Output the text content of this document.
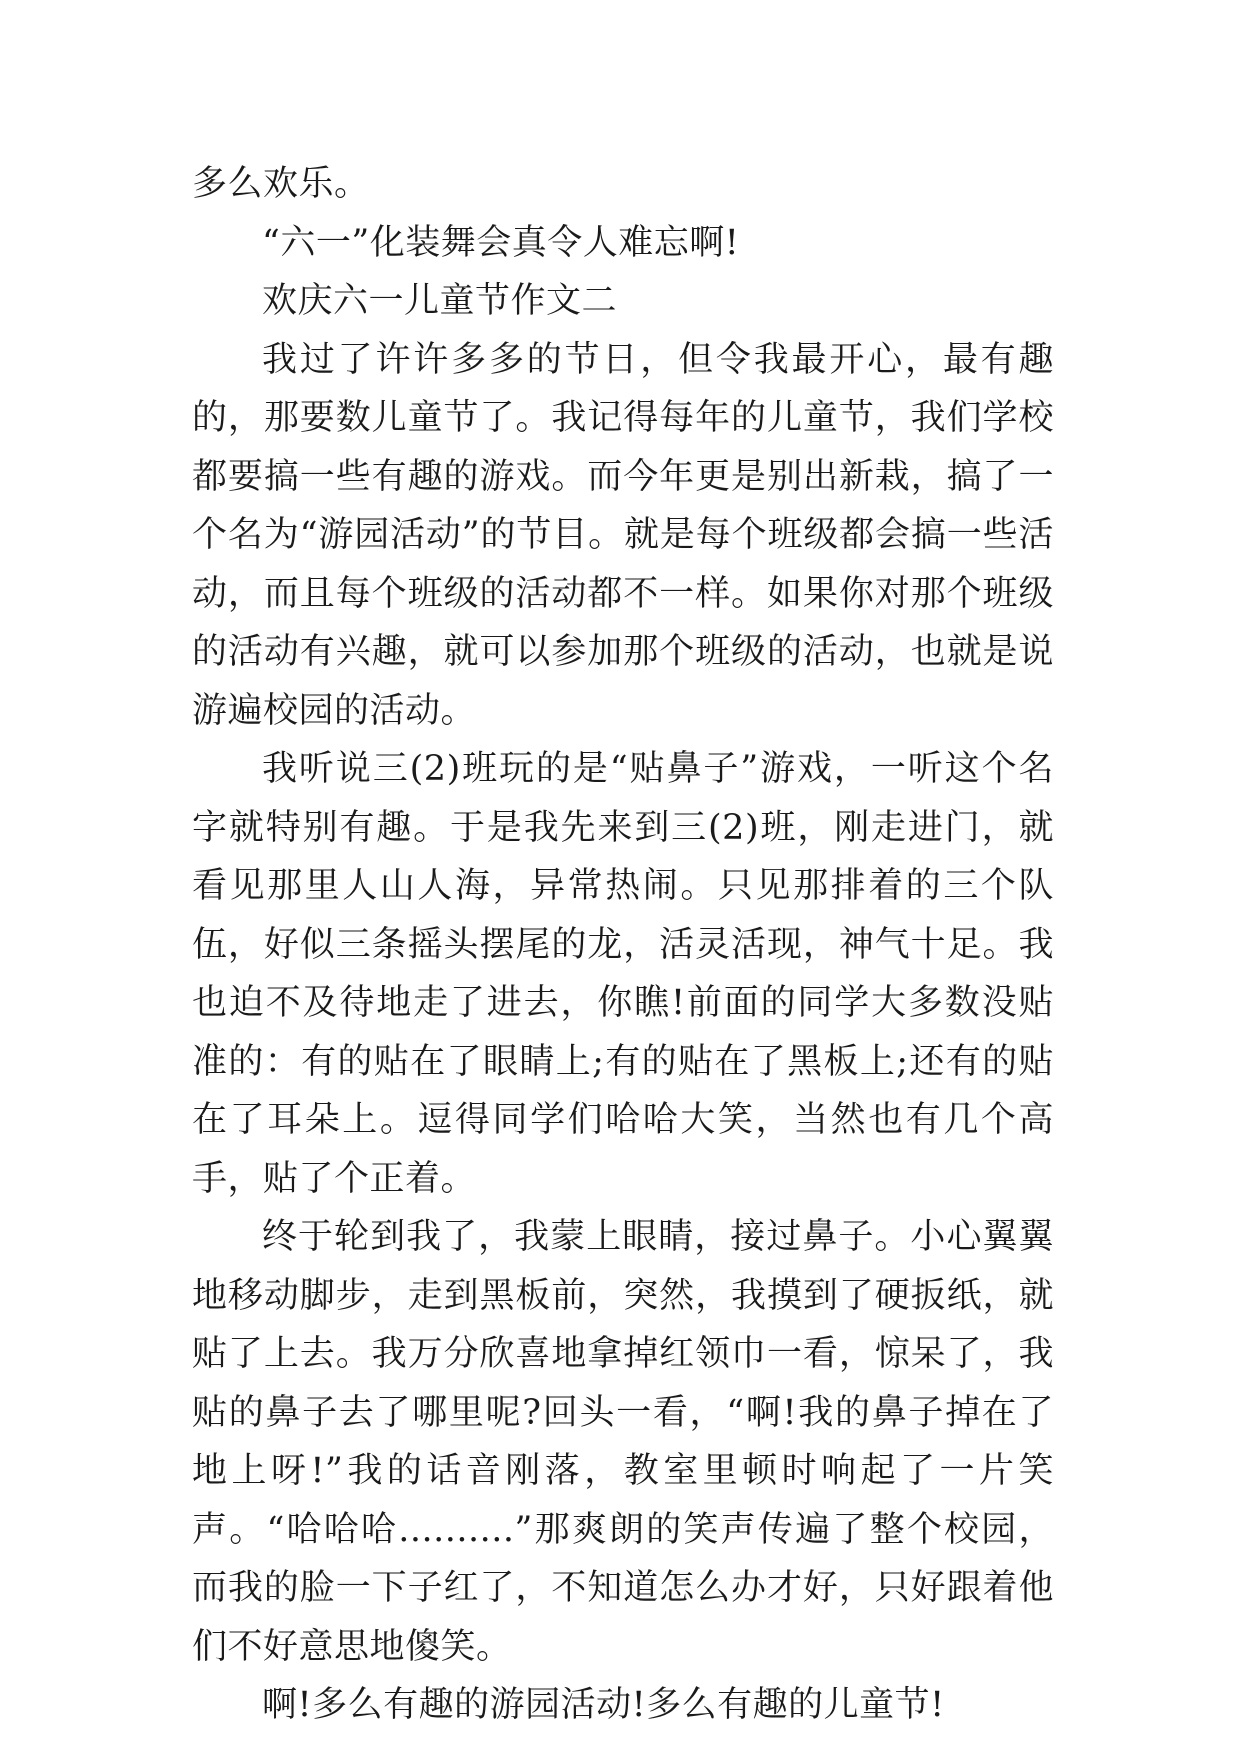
多么欢乐。

“六一”化装舞会真令人难忘啊!

欢庆六一儿童节作文二

我过了许许多多的节日，但令我最开心，最有趣的，那要数儿童节了。我记得每年的儿童节，我们学校都要搞一些有趣的游戏。而今年更是别出新栽，搞了一个名为“游园活动”的节目。就是每个班级都会搞一些活动，而且每个班级的活动都不一样。如果你对那个班级的活动有兴趣，就可以参加那个班级的活动，也就是说游遍校园的活动。

我听说三(2)班玩的是“贴鼻子”游戏，一听这个名字就特别有趣。于是我先来到三(2)班，刚走进门，就看见那里人山人海，异常热闹。只见那排着的三个队伍，好似三条摇头摆尾的龙，活灵活现，神气十足。我也迫不及待地走了进去，你瞧!前面的同学大多数没贴准的：有的贴在了眼睛上;有的贴在了黑板上;还有的贴在了耳朵上。逗得同学们哈哈大笑，当然也有几个高手，贴了个正着。

终于轮到我了，我蒙上眼睛，接过鼻子。小心翼翼地移动脚步，走到黑板前，突然，我摸到了硬扳纸，就贴了上去。我万分欣喜地拿掉红领巾一看，惊呆了，我贴的鼻子去了哪里呢?回头一看，“啊!我的鼻子掉在了地上呀!”我的话音刚落，教室里顿时响起了一片笑声。“哈哈哈..........”那爽朗的笑声传遍了整个校园，而我的脸一下子红了，不知道怎么办才好，只好跟着他们不好意思地傻笑。

啊!多么有趣的游园活动!多么有趣的儿童节!
